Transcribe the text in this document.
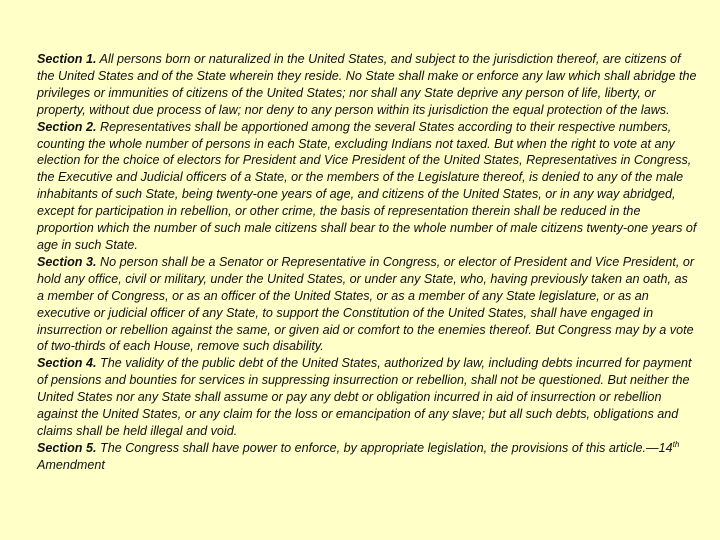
Section 1. All persons born or naturalized in the United States, and subject to the jurisdiction thereof, are citizens of the United States and of the State wherein they reside. No State shall make or enforce any law which shall abridge the privileges or immunities of citizens of the United States; nor shall any State deprive any person of life, liberty, or property, without due process of law; nor deny to any person within its jurisdiction the equal protection of the laws.

Section 2. Representatives shall be apportioned among the several States according to their respective numbers, counting the whole number of persons in each State, excluding Indians not taxed. But when the right to vote at any election for the choice of electors for President and Vice President of the United States, Representatives in Congress, the Executive and Judicial officers of a State, or the members of the Legislature thereof, is denied to any of the male inhabitants of such State, being twenty-one years of age, and citizens of the United States, or in any way abridged, except for participation in rebellion, or other crime, the basis of representation therein shall be reduced in the proportion which the number of such male citizens shall bear to the whole number of male citizens twenty-one years of age in such State.

Section 3. No person shall be a Senator or Representative in Congress, or elector of President and Vice President, or hold any office, civil or military, under the United States, or under any State, who, having previously taken an oath, as a member of Congress, or as an officer of the United States, or as a member of any State legislature, or as an executive or judicial officer of any State, to support the Constitution of the United States, shall have engaged in insurrection or rebellion against the same, or given aid or comfort to the enemies thereof. But Congress may by a vote of two-thirds of each House, remove such disability.

Section 4. The validity of the public debt of the United States, authorized by law, including debts incurred for payment of pensions and bounties for services in suppressing insurrection or rebellion, shall not be questioned. But neither the United States nor any State shall assume or pay any debt or obligation incurred in aid of insurrection or rebellion against the United States, or any claim for the loss or emancipation of any slave; but all such debts, obligations and claims shall be held illegal and void.

Section 5. The Congress shall have power to enforce, by appropriate legislation, the provisions of this article.—14th Amendment
